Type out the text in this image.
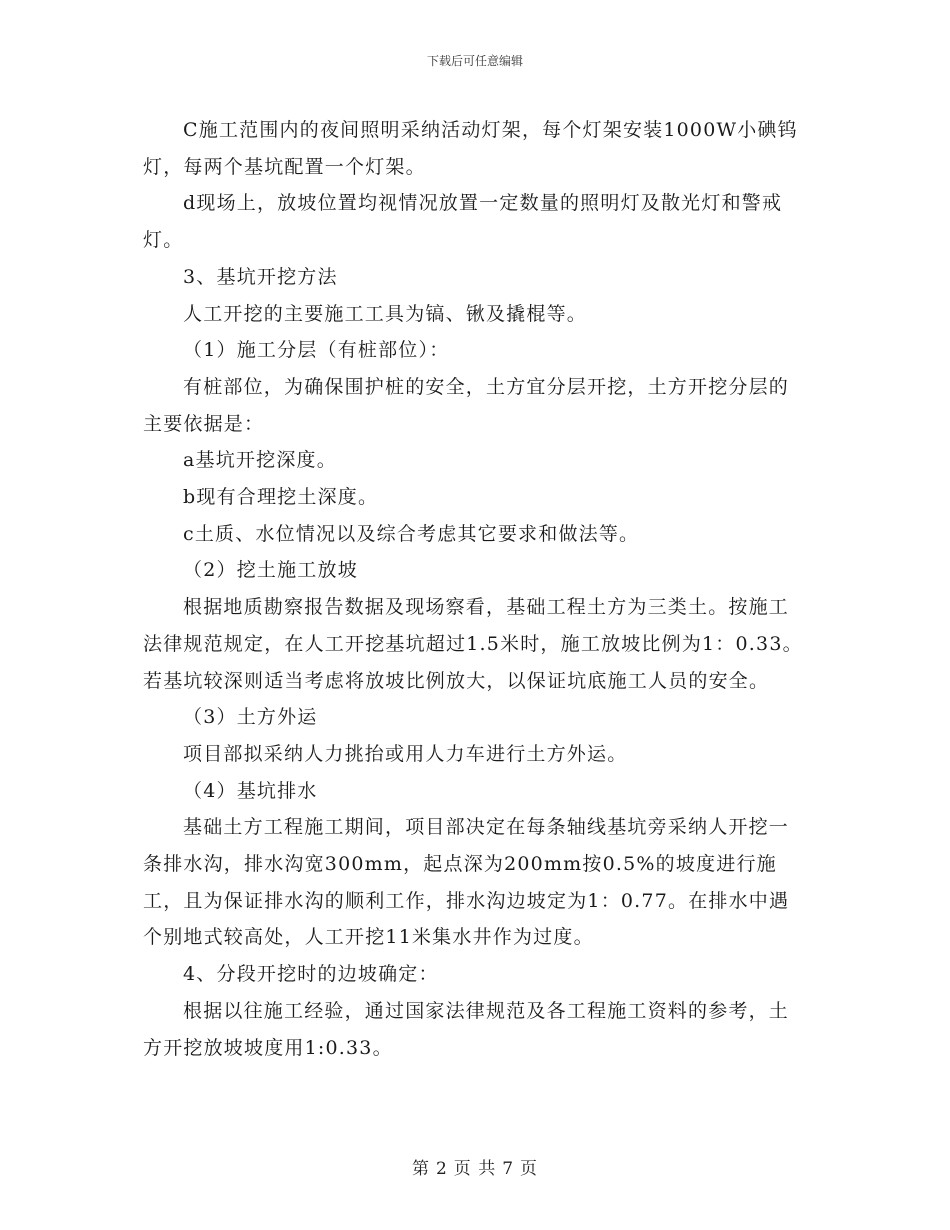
下载后可任意编辑

C施工范围内的夜间照明采纳活动灯架，每个灯架安装1000W小碘钨灯，每两个基坑配置一个灯架。

d现场上，放坡位置均视情况放置一定数量的照明灯及散光灯和警戒灯。

3、基坑开挖方法

人工开挖的主要施工工具为镐、锹及撬棍等。

（1）施工分层（有桩部位）：

有桩部位，为确保围护桩的安全，土方宜分层开挖，土方开挖分层的主要依据是：

a基坑开挖深度。

b现有合理挖土深度。

c土质、水位情况以及综合考虑其它要求和做法等。

（2）挖土施工放坡

根据地质勘察报告数据及现场察看，基础工程土方为三类土。按施工法律规范规定，在人工开挖基坑超过1.5米时，施工放坡比例为1：0.33。若基坑较深则适当考虑将放坡比例放大，以保证坑底施工人员的安全。

（3）土方外运

项目部拟采纳人力挑抬或用人力车进行土方外运。

（4）基坑排水

基础土方工程施工期间，项目部决定在每条轴线基坑旁采纳人开挖一条排水沟，排水沟宽300mm，起点深为200mm按0.5%的坡度进行施工，且为保证排水沟的顺利工作，排水沟边坡定为1：0.77。在排水中遇个别地式较高处，人工开挖11米集水井作为过度。

4、分段开挖时的边坡确定：

根据以往施工经验，通过国家法律规范及各工程施工资料的参考，土方开挖放坡坡度用1:0.33。

第 2 页 共 7 页
